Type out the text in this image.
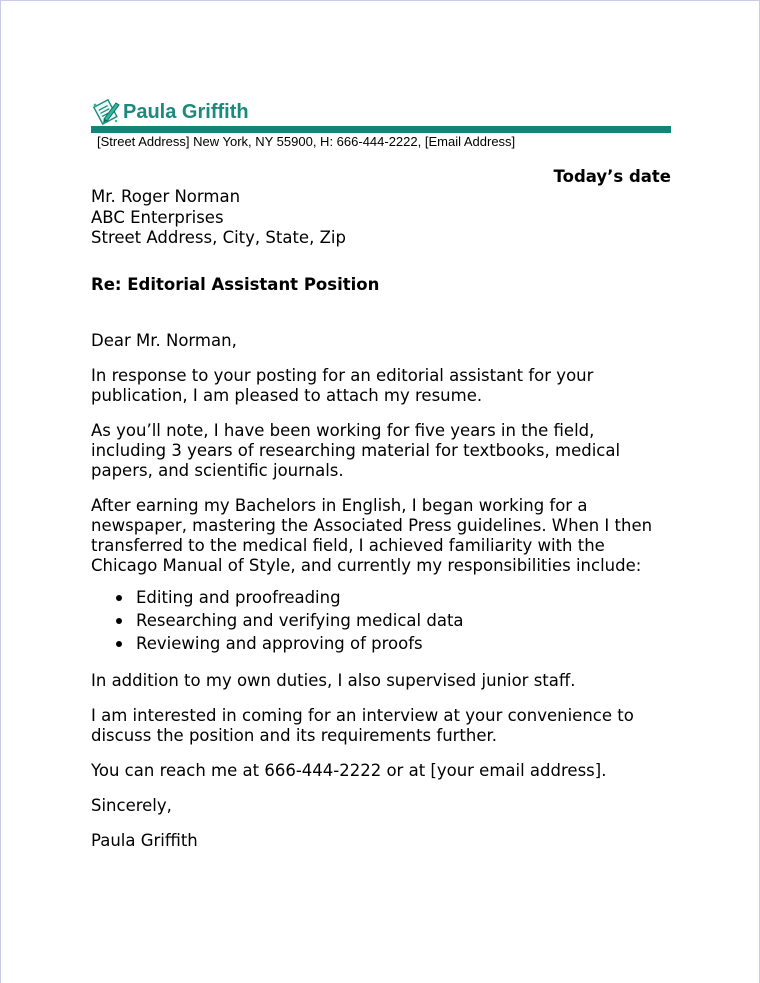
Paula Griffith
[Street Address] New York, NY 55900, H: 666-444-2222, [Email Address]
Today’s date
Mr. Roger Norman
ABC Enterprises
Street Address, City, State, Zip
Re: Editorial Assistant Position

Dear Mr. Norman,

In response to your posting for an editorial assistant for your publication, I am pleased to attach my resume.

As you’ll note, I have been working for five years in the field, including 3 years of researching material for textbooks, medical papers, and scientific journals.

After earning my Bachelors in English, I began working for a newspaper, mastering the Associated Press guidelines. When I then transferred to the medical field, I achieved familiarity with the Chicago Manual of Style, and currently my responsibilities include:

Editing and proofreading
Researching and verifying medical data
Reviewing and approving of proofs

In addition to my own duties, I also supervised junior staff.

I am interested in coming for an interview at your convenience to discuss the position and its requirements further.

You can reach me at 666-444-2222 or at [your email address].

Sincerely,

Paula Griffith
